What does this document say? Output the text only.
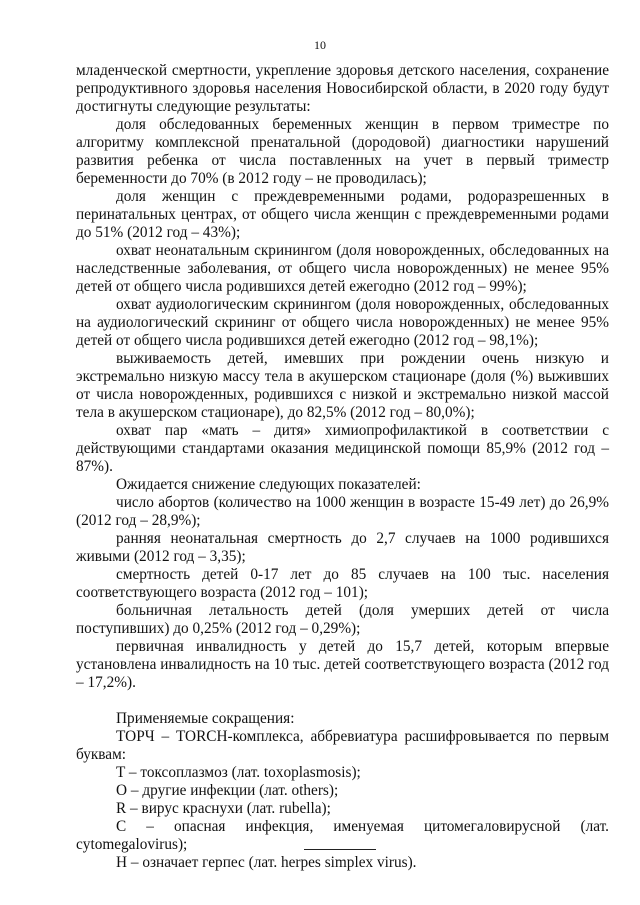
10

младенческой смертности, укрепление здоровья детского населения, сохранение репродуктивного здоровья населения Новосибирской области, в 2020 году будут достигнуты следующие результаты:

доля обследованных беременных женщин в первом триместре по алгоритму комплексной пренатальной (дородовой) диагностики нарушений развития ребенка от числа поставленных на учет в первый триместр беременности до 70% (в 2012 году – не проводилась);

доля женщин с преждевременными родами, родоразрешенных в перинатальных центрах, от общего числа женщин с преждевременными родами до 51% (2012 год – 43%);

охват неонатальным скринингом (доля новорожденных, обследованных на наследственные заболевания, от общего числа новорожденных) не менее 95% детей от общего числа родившихся детей ежегодно (2012 год – 99%);

охват аудиологическим скринингом (доля новорожденных, обследованных на аудиологический скрининг от общего числа новорожденных) не менее 95% детей от общего числа родившихся детей ежегодно (2012 год – 98,1%);

выживаемость детей, имевших при рождении очень низкую и экстремально низкую массу тела в акушерском стационаре (доля (%) выживших от числа новорожденных, родившихся с низкой и экстремально низкой массой тела в акушерском стационаре), до 82,5% (2012 год – 80,0%);

охват пар «мать – дитя» химиопрофилактикой в соответствии с действующими стандартами оказания медицинской помощи 85,9% (2012 год – 87%).

Ожидается снижение следующих показателей:

число абортов (количество на 1000 женщин в возрасте 15-49 лет) до 26,9% (2012 год – 28,9%);

ранняя неонатальная смертность до 2,7 случаев на 1000 родившихся живыми (2012 год – 3,35);

смертность детей 0-17 лет до 85 случаев на 100 тыс. населения соответствующего возраста (2012 год – 101);

больничная летальность детей (доля умерших детей от числа поступивших) до 0,25% (2012 год – 0,29%);

первичная инвалидность у детей до 15,7 детей, которым впервые установлена инвалидность на 10 тыс. детей соответствующего возраста (2012 год – 17,2%).

Применяемые сокращения:

ТОРЧ – TORCH-комплекса, аббревиатура расшифровывается по первым буквам:

T – токсоплазмоз (лат. toxoplasmosis);

O – другие инфекции (лат. others);

R – вирус краснухи (лат. rubella);

C – опасная инфекция, именуемая цитомегаловирусной (лат. cytomegalovirus);

H – означает герпес (лат. herpes simplex virus).
